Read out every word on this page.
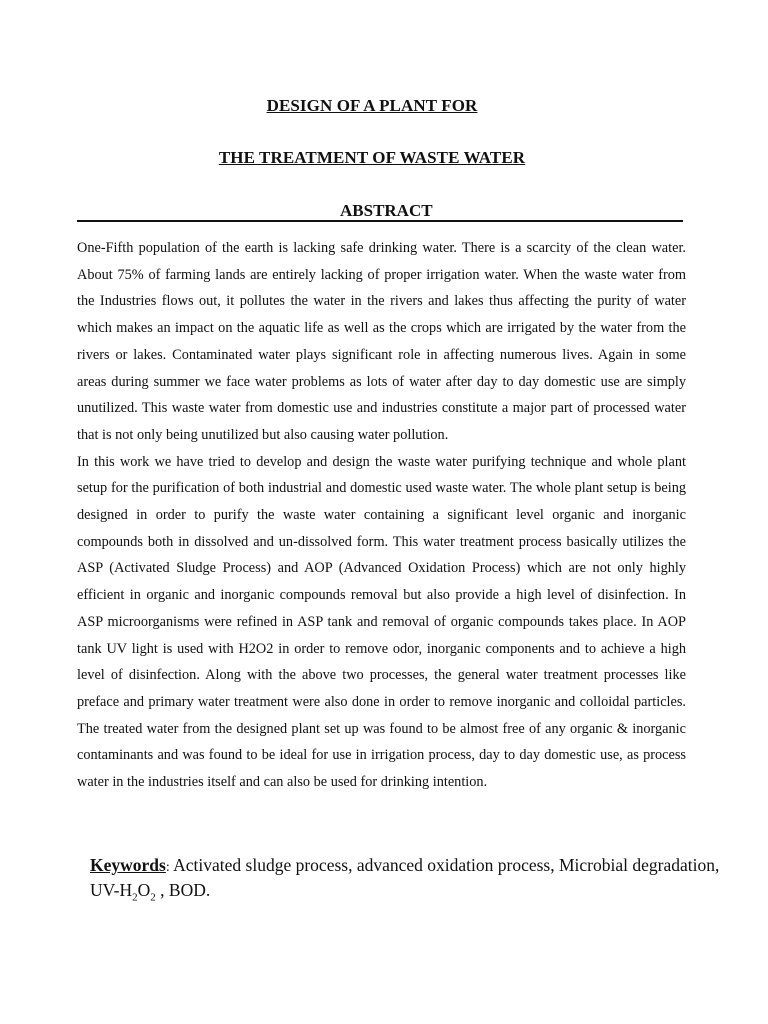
DESIGN OF A PLANT FOR
THE TREATMENT OF WASTE WATER
ABSTRACT

One-Fifth population of the earth is lacking safe drinking water. There is a scarcity of the clean water. About 75% of farming lands are entirely lacking of proper irrigation water. When the waste water from the Industries flows out, it pollutes the water in the rivers and lakes thus affecting the purity of water which makes an impact on the aquatic life as well as the crops which are irrigated by the water from the rivers or lakes. Contaminated water plays significant role in affecting numerous lives. Again in some areas during summer we face water problems as lots of water after day to day domestic use are simply unutilized. This waste water from domestic use and industries constitute a major part of processed water that is not only being unutilized but also causing water pollution.

In this work we have tried to develop and design the waste water purifying technique and whole plant setup for the purification of both industrial and domestic used waste water. The whole plant setup is being designed in order to purify the waste water containing a significant level organic and inorganic compounds both in dissolved and un-dissolved form. This water treatment process basically utilizes the ASP (Activated Sludge Process) and AOP (Advanced Oxidation Process) which are not only highly efficient in organic and inorganic compounds removal but also provide a high level of disinfection. In ASP microorganisms were refined in ASP tank and removal of organic compounds takes place. In AOP tank UV light is used with H2O2 in order to remove odor, inorganic components and to achieve a high level of disinfection. Along with the above two processes, the general water treatment processes like preface and primary water treatment were also done in order to remove inorganic and colloidal particles. The treated water from the designed plant set up was found to be almost free of any organic & inorganic contaminants and was found to be ideal for use in irrigation process, day to day domestic use, as process water in the industries itself and can also be used for drinking intention.

Keywords: Activated sludge process, advanced oxidation process, Microbial degradation,
$UV-H_2O_2$ , BOD.
